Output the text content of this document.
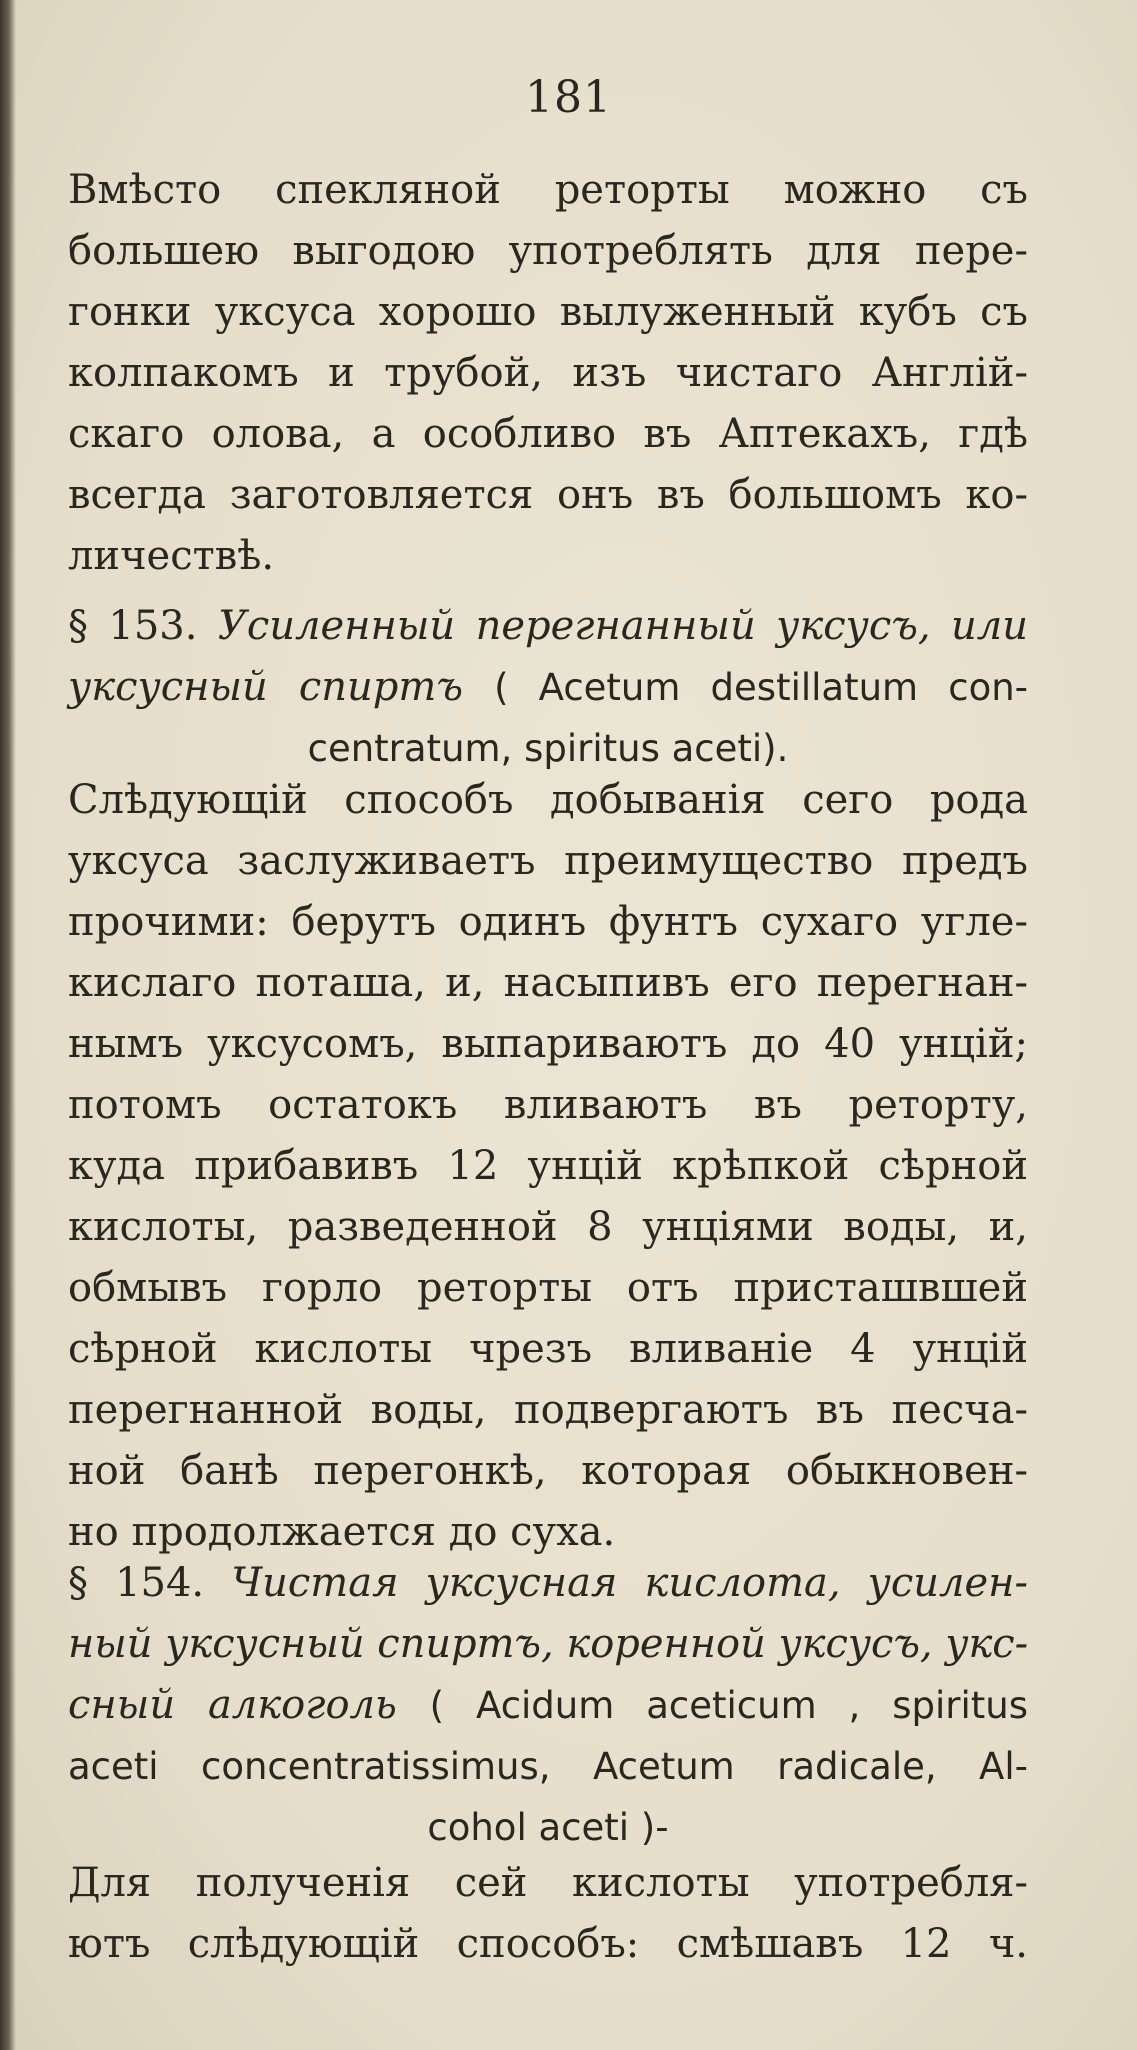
181
Вмѣсто спекляной реторты можно съ
большею выгодою употреблять для пере-
гонки уксуса хорошо вылуженный кубъ съ
колпакомъ и трубой, изъ чистаго Англій-
скаго олова, а особливо въ Аптекахъ, гдѣ
всегда заготовляется онъ въ большомъ ко-
личествѣ.
§ 153. Усиленный перегнанный уксусъ, или
уксусный спиртъ ( Acetum destillatum con-
centratum, spiritus aceti).
Слѣдующій способъ добыванія сего рода
уксуса заслуживаетъ преимущество предъ
прочими: берутъ одинъ фунтъ сухаго угле-
кислаго поташа, и, насыпивъ его перегнан-
нымъ уксусомъ, выпариваютъ до 40 унцій;
потомъ остатокъ вливаютъ въ реторту,
куда прибавивъ 12 унцій крѣпкой сѣрной
кислоты, разведенной 8 унціями воды, и,
обмывъ горло реторты отъ присташвшей
сѣрной кислоты чрезъ вливаніе 4 унцій
перегнанной воды, подвергаютъ въ песча-
ной банѣ перегонкѣ, которая обыкновен-
но продолжается до суха.
§ 154. Чистая уксусная кислота, усилен-
ный уксусный спиртъ, коренной уксусъ, укс-
сный алкоголь ( Acidum aceticum , spiritus
aceti concentratissimus, Acetum radicale, Al-
cohol aceti )-
Для полученія сей кислоты употребля-
ютъ слѣдующій способъ: смѣшавъ 12 ч.
